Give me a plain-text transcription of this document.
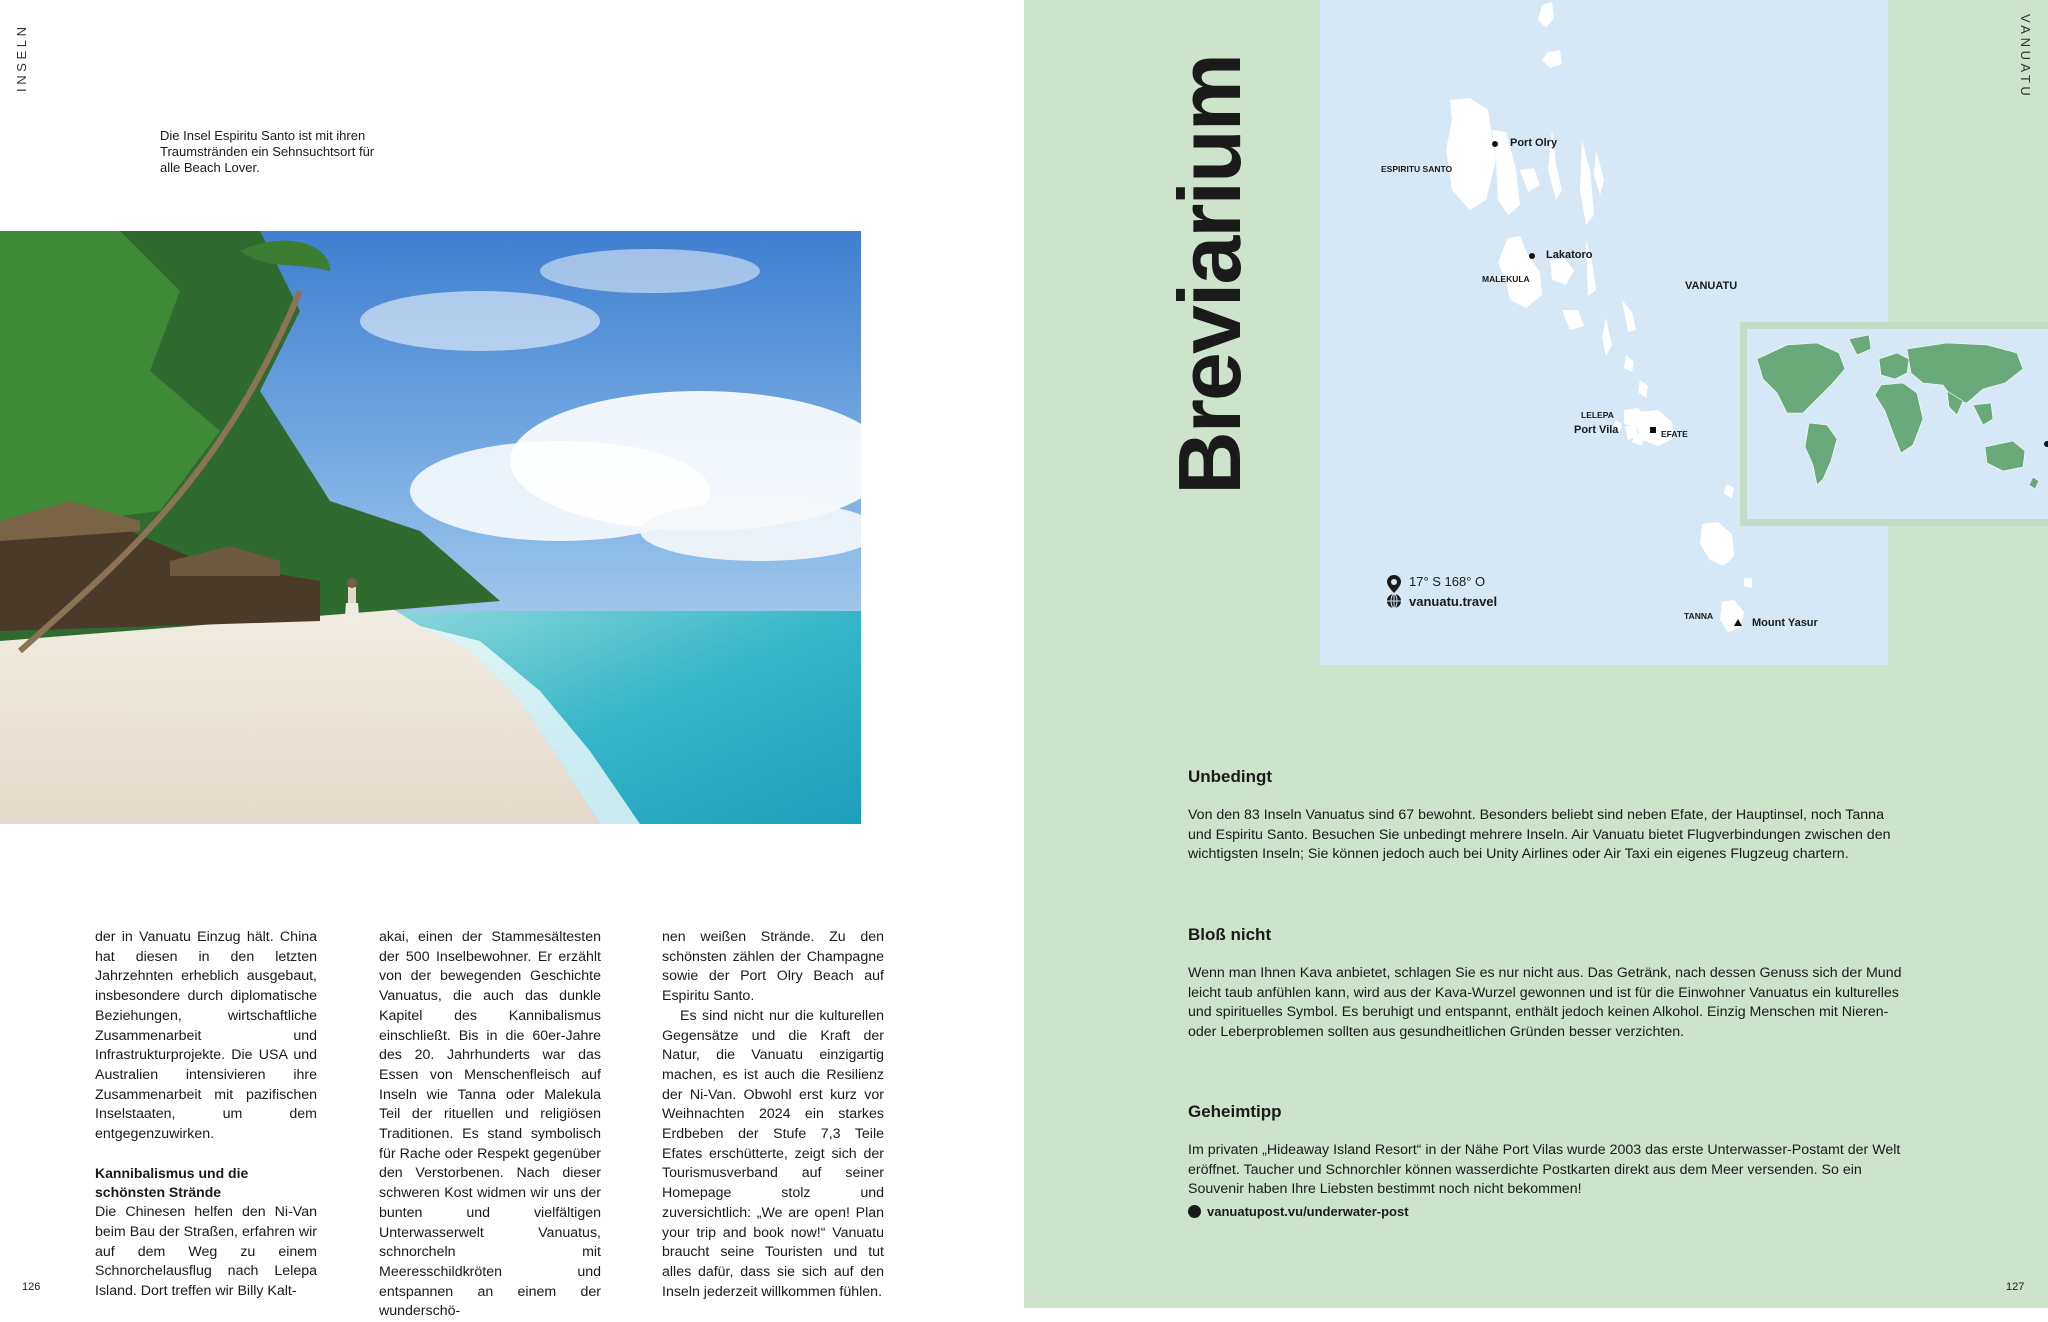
INSELN
Die Insel Espiritu Santo ist mit ihren Traumstränden ein Sehnsuchtsort für alle Beach Lover.

der in Vanuatu Einzug hält. China hat diesen in den letzten Jahrzehnten erheblich ausgebaut, insbesondere durch diplomatische Beziehungen, wirtschaftliche Zusammenarbeit und Infrastrukturprojekte. Die USA und Australien intensivieren ihre Zusammenarbeit mit pazifischen Inselstaaten, um dem entgegenzuwirken.

Kannibalismus und die schönsten Strände

Die Chinesen helfen den Ni-Van beim Bau der Straßen, erfahren wir auf dem Weg zu einem Schnorchelausflug nach Lelepa Island. Dort treffen wir Billy Kalt-

akai, einen der Stammesältesten der 500 Inselbewohner. Er erzählt von der bewegenden Geschichte Vanuatus, die auch das dunkle Kapitel des Kannibalismus einschließt. Bis in die 60er-Jahre des 20. Jahrhunderts war das Essen von Menschenfleisch auf Inseln wie Tanna oder Malekula Teil der rituellen und religiösen Traditionen. Es stand symbolisch für Rache oder Respekt gegenüber den Verstorbenen. Nach dieser schweren Kost widmen wir uns der bunten und vielfältigen Unterwasserwelt Vanuatus, schnorcheln mit Meeresschildkröten und entspannen an einem der wunderschö-

nen weißen Strände. Zu den schönsten zählen der Champagne sowie der Port Olry Beach auf Espiritu Santo.

Es sind nicht nur die kulturellen Gegensätze und die Kraft der Natur, die Vanuatu einzigartig machen, es ist auch die Resilienz der Ni-Van. Obwohl erst kurz vor Weihnachten 2024 ein starkes Erdbeben der Stufe 7,3 Teile Efates erschütterte, zeigt sich der Tourismusverband auf seiner Homepage stolz und zuversichtlich: „We are open! Plan your trip and book now!“ Vanuatu braucht seine Touristen und tut alles dafür, dass sie sich auf den Inseln jederzeit willkommen fühlen.

126
Port Olry
ESPIRITU SANTO
Lakatoro
MALEKULA
VANUATU
LELEPA
Port Vila	EFATE
TANNA
Mount Yasur
17° S 168° O
vanuatu.travel
Breviarium	VANUATU
Unbedingt

Von den 83 Inseln Vanuatus sind 67 bewohnt. Besonders beliebt sind neben Efate, der Hauptinsel, noch Tanna und Espiritu Santo. Besuchen Sie unbedingt mehrere Inseln. Air Vanuatu bietet Flugverbindungen zwischen den wichtigsten Inseln; Sie können jedoch auch bei Unity Airlines oder Air Taxi ein eigenes Flugzeug chartern.

Bloß nicht

Wenn man Ihnen Kava anbietet, schlagen Sie es nur nicht aus. Das Getränk, nach dessen Genuss sich der Mund leicht taub anfühlen kann, wird aus der Kava-Wurzel gewonnen und ist für die Einwohner Vanuatus ein kulturelles und spirituelles Symbol. Es beruhigt und entspannt, enthält jedoch keinen Alkohol. Einzig Menschen mit Nieren- oder Leberproblemen sollten aus gesundheitlichen Gründen besser verzichten.

Geheimtipp

Im privaten „Hideaway Island Resort“ in der Nähe Port Vilas wurde 2003 das erste Unterwasser-Postamt der Welt eröffnet. Taucher und Schnorchler können wasserdichte Postkarten direkt aus dem Meer versenden. So ein Souvenir haben Ihre Liebsten bestimmt noch nicht bekommen!

vanuatupost.vu/underwater-post
127
